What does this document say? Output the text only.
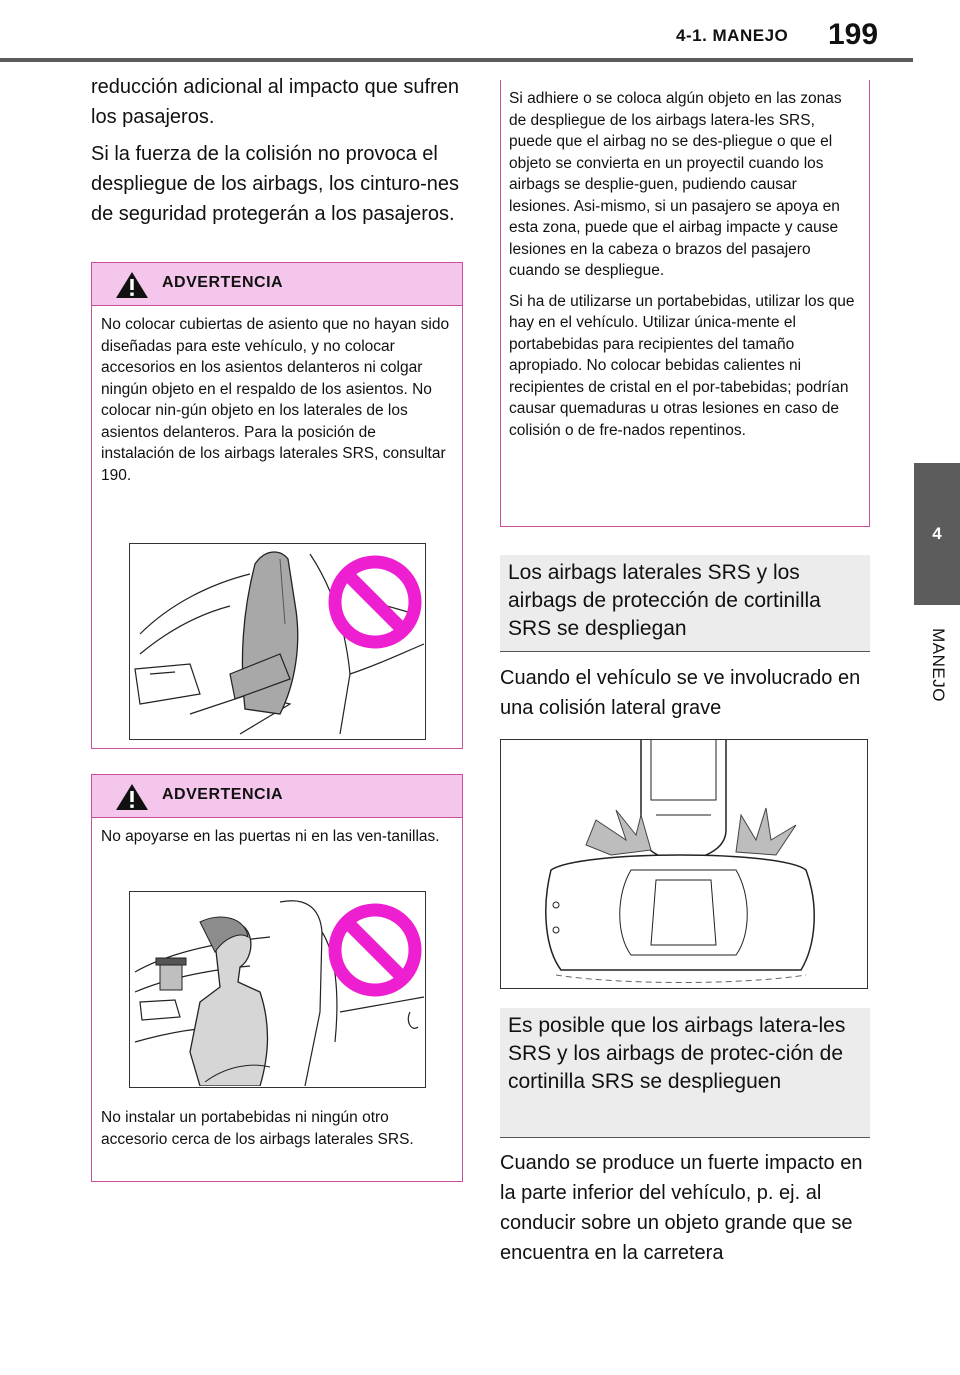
4-1. MANEJO 199
4
MANEJO

reducción adicional al impacto que sufren los pasajeros.

Si la fuerza de la colisión no provoca el despliegue de los airbags, los cinturo-nes de seguridad protegerán a los pasajeros.

ADVERTENCIA

No colocar cubiertas de asiento que no hayan sido diseñadas para este vehículo, y no colocar accesorios en los asientos delanteros ni colgar ningún objeto en el respaldo de los asientos. No colocar nin-gún objeto en los laterales de los asientos delanteros. Para la posición de instalación de los airbags laterales SRS, consultar 190.

ADVERTENCIA

No apoyarse en las puertas ni en las ven-tanillas.

No instalar un portabebidas ni ningún otro accesorio cerca de los airbags laterales SRS.

Si adhiere o se coloca algún objeto en las zonas de despliegue de los airbags latera-les SRS, puede que el airbag no se des-pliegue o que el objeto se convierta en un proyectil cuando los airbags se desplie-guen, pudiendo causar lesiones. Asi-mismo, si un pasajero se apoya en esta zona, puede que el airbag impacte y cause lesiones en la cabeza o brazos del pasajero cuando se despliegue.

Si ha de utilizarse un portabebidas, utilizar los que hay en el vehículo. Utilizar única-mente el portabebidas para recipientes del tamaño apropiado. No colocar bebidas calientes ni recipientes de cristal en el por-tabebidas; podrían causar quemaduras u otras lesiones en caso de colisión o de fre-nados repentinos.

Los airbags laterales SRS y los airbags de protección de cortinilla SRS se despliegan

Cuando el vehículo se ve involucrado en una colisión lateral grave

Es posible que los airbags latera-les SRS y los airbags de protec-ción de cortinilla SRS se desplieguen

Cuando se produce un fuerte impacto en la parte inferior del vehículo, p. ej. al conducir sobre un objeto grande que se encuentra en la carretera
